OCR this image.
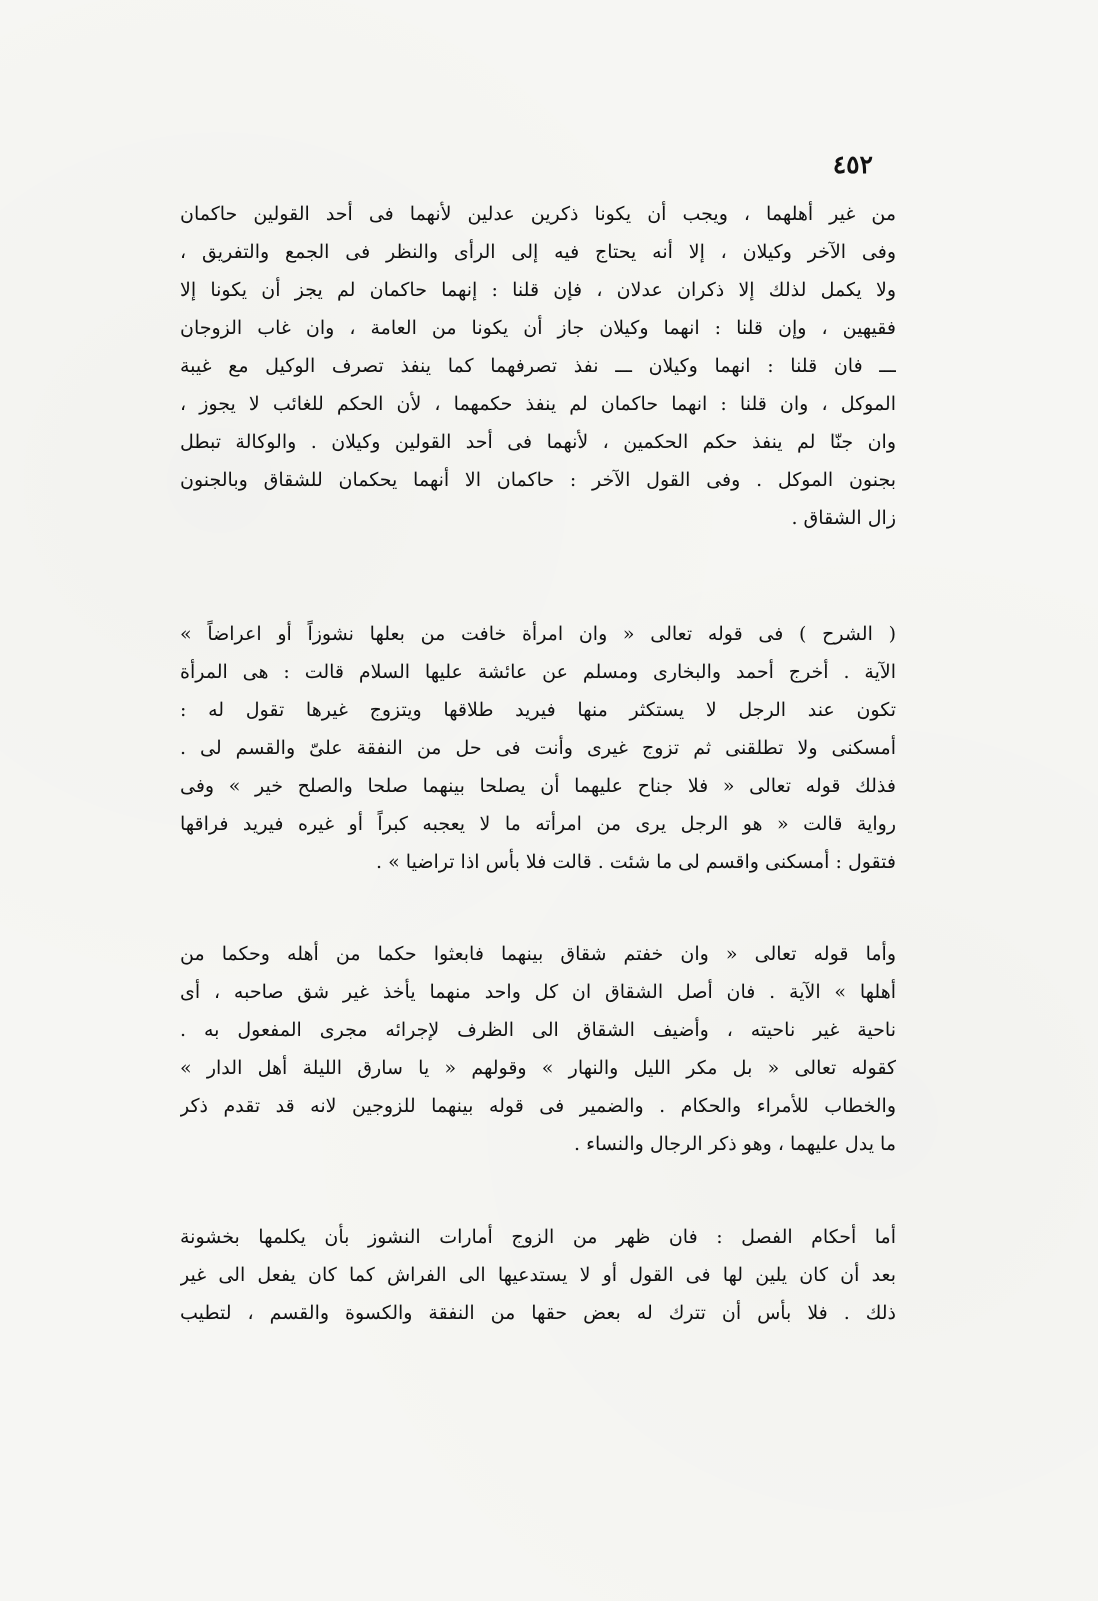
٤٥٢
من غير أهلهما ، ويجب أن يكونا ذكرين عدلين لأنهما فى أحد القولين حاكمان
وفى الآخر وكيلان ، إلا أنه يحتاج فيه إلى الرأى والنظر فى الجمع والتفريق ،
ولا يكمل لذلك إلا ذكران عدلان ، فإن قلنا : إنهما حاكمان لم يجز أن يكونا إلا
فقيهين ، وإن قلنا : انهما وكيلان جاز أن يكونا من العامة ، وان غاب الزوجان
ـــ فان قلنا : انهما وكيلان ـــ نفذ تصرفهما كما ينفذ تصرف الوكيل مع غيبة
الموكل ، وان قلنا : انهما حاكمان لم ينفذ حكمهما ، لأن الحكم للغائب لا يجوز ،
وان جنّا لم ينفذ حكم الحكمين ، لأنهما فى أحد القولين وكيلان . والوكالة تبطل
بجنون الموكل . وفى القول الآخر : حاكمان الا أنهما يحكمان للشقاق وبالجنون
زال الشقاق .
( الشرح ) فى قوله تعالى « وان امرأة خافت من بعلها نشوزاً أو اعراضاً »
الآية . أخرج أحمد والبخارى ومسلم عن عائشة عليها السلام قالت : هى المرأة
تكون عند الرجل لا يستكثر منها فيريد طلاقها ويتزوج غيرها تقول له :
أمسكنى ولا تطلقنى ثم تزوج غيرى وأنت فى حل من النفقة علىّ والقسم لى .
فذلك قوله تعالى « فلا جناح عليهما أن يصلحا بينهما صلحا والصلح خير » وفى
رواية قالت « هو الرجل يرى من امرأته ما لا يعجبه كبراً أو غيره فيريد فراقها
فتقول : أمسكنى واقسم لى ما شئت . قالت فلا بأس اذا تراضيا » .
وأما قوله تعالى « وان خفتم شقاق بينهما فابعثوا حكما من أهله وحكما من
أهلها » الآية . فان أصل الشقاق ان كل واحد منهما يأخذ غير شق صاحبه ، أى
ناحية غير ناحيته ، وأضيف الشقاق الى الظرف لإجرائه مجرى المفعول به .
كقوله تعالى « بل مكر الليل والنهار » وقولهم « يا سارق الليلة أهل الدار »
والخطاب للأمراء والحكام . والضمير فى قوله بينهما للزوجين لانه قد تقدم ذكر
ما يدل عليهما ، وهو ذكر الرجال والنساء .
أما أحكام الفصل : فان ظهر من الزوج أمارات النشوز بأن يكلمها بخشونة
بعد أن كان يلين لها فى القول أو لا يستدعيها الى الفراش كما كان يفعل الى غير
ذلك . فلا بأس أن تترك له بعض حقها من النفقة والكسوة والقسم ، لتطيب
